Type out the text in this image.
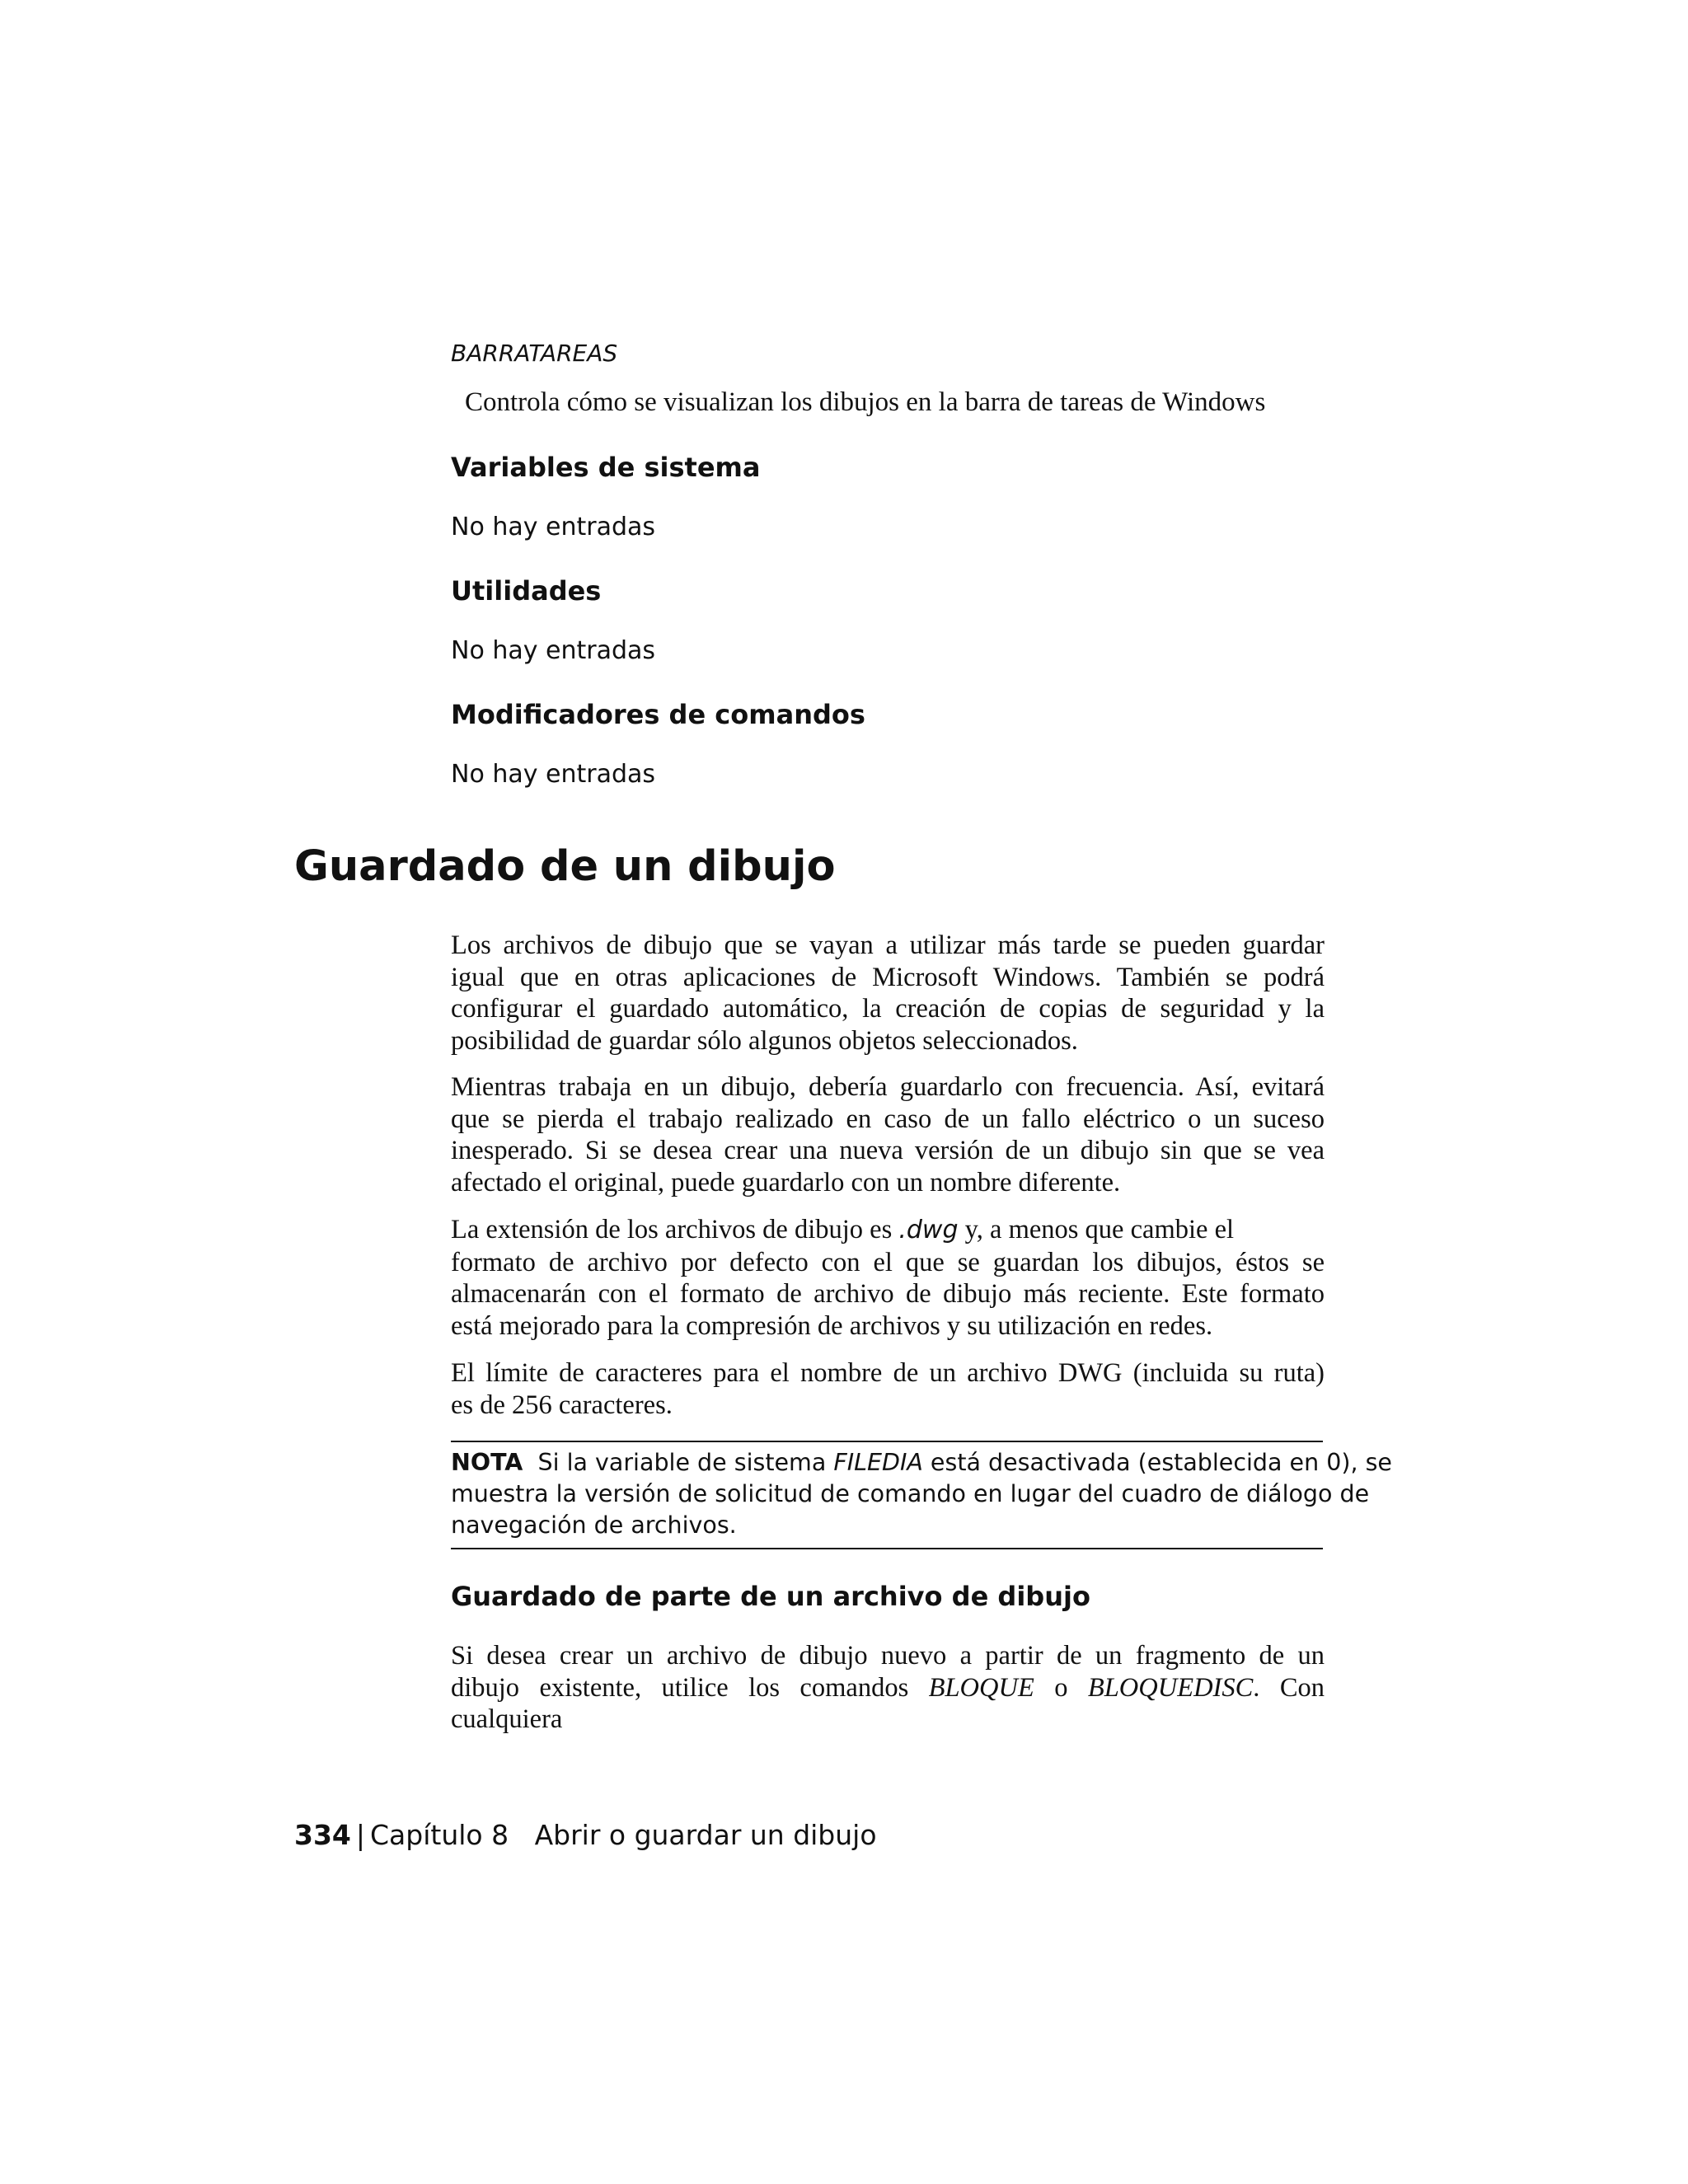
BARRATAREAS
Controla cómo se visualizan los dibujos en la barra de tareas de Windows
Variables de sistema
No hay entradas
Utilidades
No hay entradas
Modificadores de comandos
No hay entradas
Guardado de un dibujo
Los archivos de dibujo que se vayan a utilizar más tarde se pueden guardar
igual que en otras aplicaciones de Microsoft Windows. También se podrá
configurar el guardado automático, la creación de copias de seguridad y la
posibilidad de guardar sólo algunos objetos seleccionados.
Mientras trabaja en un dibujo, debería guardarlo con frecuencia. Así, evitará
que se pierda el trabajo realizado en caso de un fallo eléctrico o un suceso
inesperado. Si se desea crear una nueva versión de un dibujo sin que se vea
afectado el original, puede guardarlo con un nombre diferente.
La extensión de los archivos de dibujo es .dwg y, a menos que cambie el
formato de archivo por defecto con el que se guardan los dibujos, éstos se
almacenarán con el formato de archivo de dibujo más reciente. Este formato
está mejorado para la compresión de archivos y su utilización en redes.
El límite de caracteres para el nombre de un archivo DWG (incluida su ruta)
es de 256 caracteres.
NOTA Si la variable de sistema FILEDIA está desactivada (establecida en 0), se
muestra la versión de solicitud de comando en lugar del cuadro de diálogo de
navegación de archivos.
Guardado de parte de un archivo de dibujo
Si desea crear un archivo de dibujo nuevo a partir de un fragmento de un
dibujo existente, utilice los comandos BLOQUE o BLOQUEDISC. Con cualquiera
334 | Capítulo 8 Abrir o guardar un dibujo
